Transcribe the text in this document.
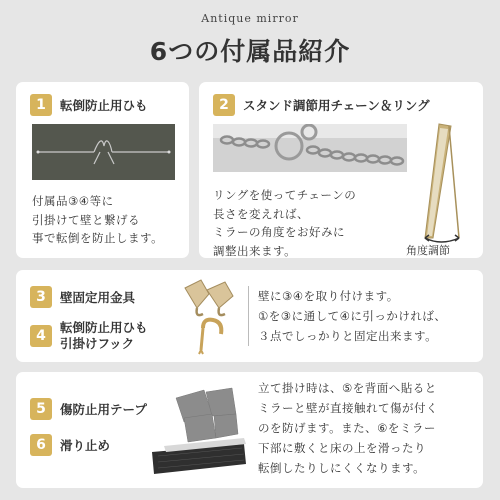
Antique mirror
6つの付属品紹介
1	転倒防止用ひも
付属品③④等に
引掛けて壁と繋げる
事で転倒を防止します。
2	スタンド調節用チェーン＆リング
リングを使ってチェーンの
長さを変えれば、
ミラーの角度をお好みに
調整出来ます。	角度調節
3	壁固定用金具
4
転倒防止用ひも
引掛けフック
壁に③④を取り付けます。
①を③に通して④に引っかければ、
３点でしっかりと固定出来ます。
5	傷防止用テープ
6	滑り止め
立て掛け時は、⑤を背面へ貼ると
ミラーと壁が直接触れて傷が付く
のを防げます。また、⑥をミラー
下部に敷くと床の上を滑ったり
転倒したりしにくくなります。
